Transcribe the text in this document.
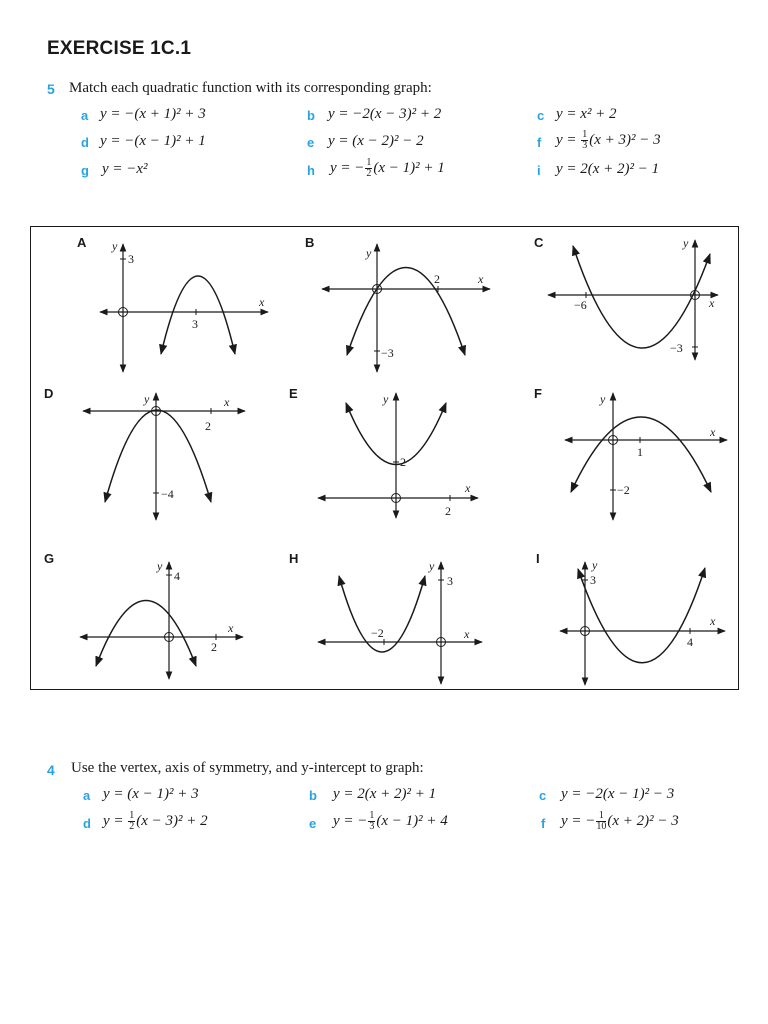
EXERCISE 1C.1
5 Match each quadratic function with its corresponding graph:
a y = −(x + 1)² + 3	b y = −2(x − 3)² + 2	c y = x² + 2
d y = −(x − 1)² + 1	e y = (x − 2)² − 2	f $y = \frac{1}{3} (x + 3)^2 - 3$
g y = −x²	h y = − $\frac{1}{2} (x - 1)^2 + 1$	i y = 2(x + 2)² − 1
A y
x
3
3
B
y
x
2
−3
C	y
x
−6
−3
D	y	x
2
−4
E	y
x
2
2
F	y
x
1
−2
G	y
x
4
2
H	y
x
−2
3
I	y
x
3
4
4 Use the vertex, axis of symmetry, and y-intercept to graph:
a y = (x − 1)² + 3	b y = 2(x + 2)² + 1	c y = −2(x − 1)² − 3
d $y = \frac{1}{2} (x - 3)^2 + 2$	e y = − $\frac{1}{3} (x - 1)^2 + 4$	f y = − $\frac{1}{10} (x + 2)^2 - 3$
